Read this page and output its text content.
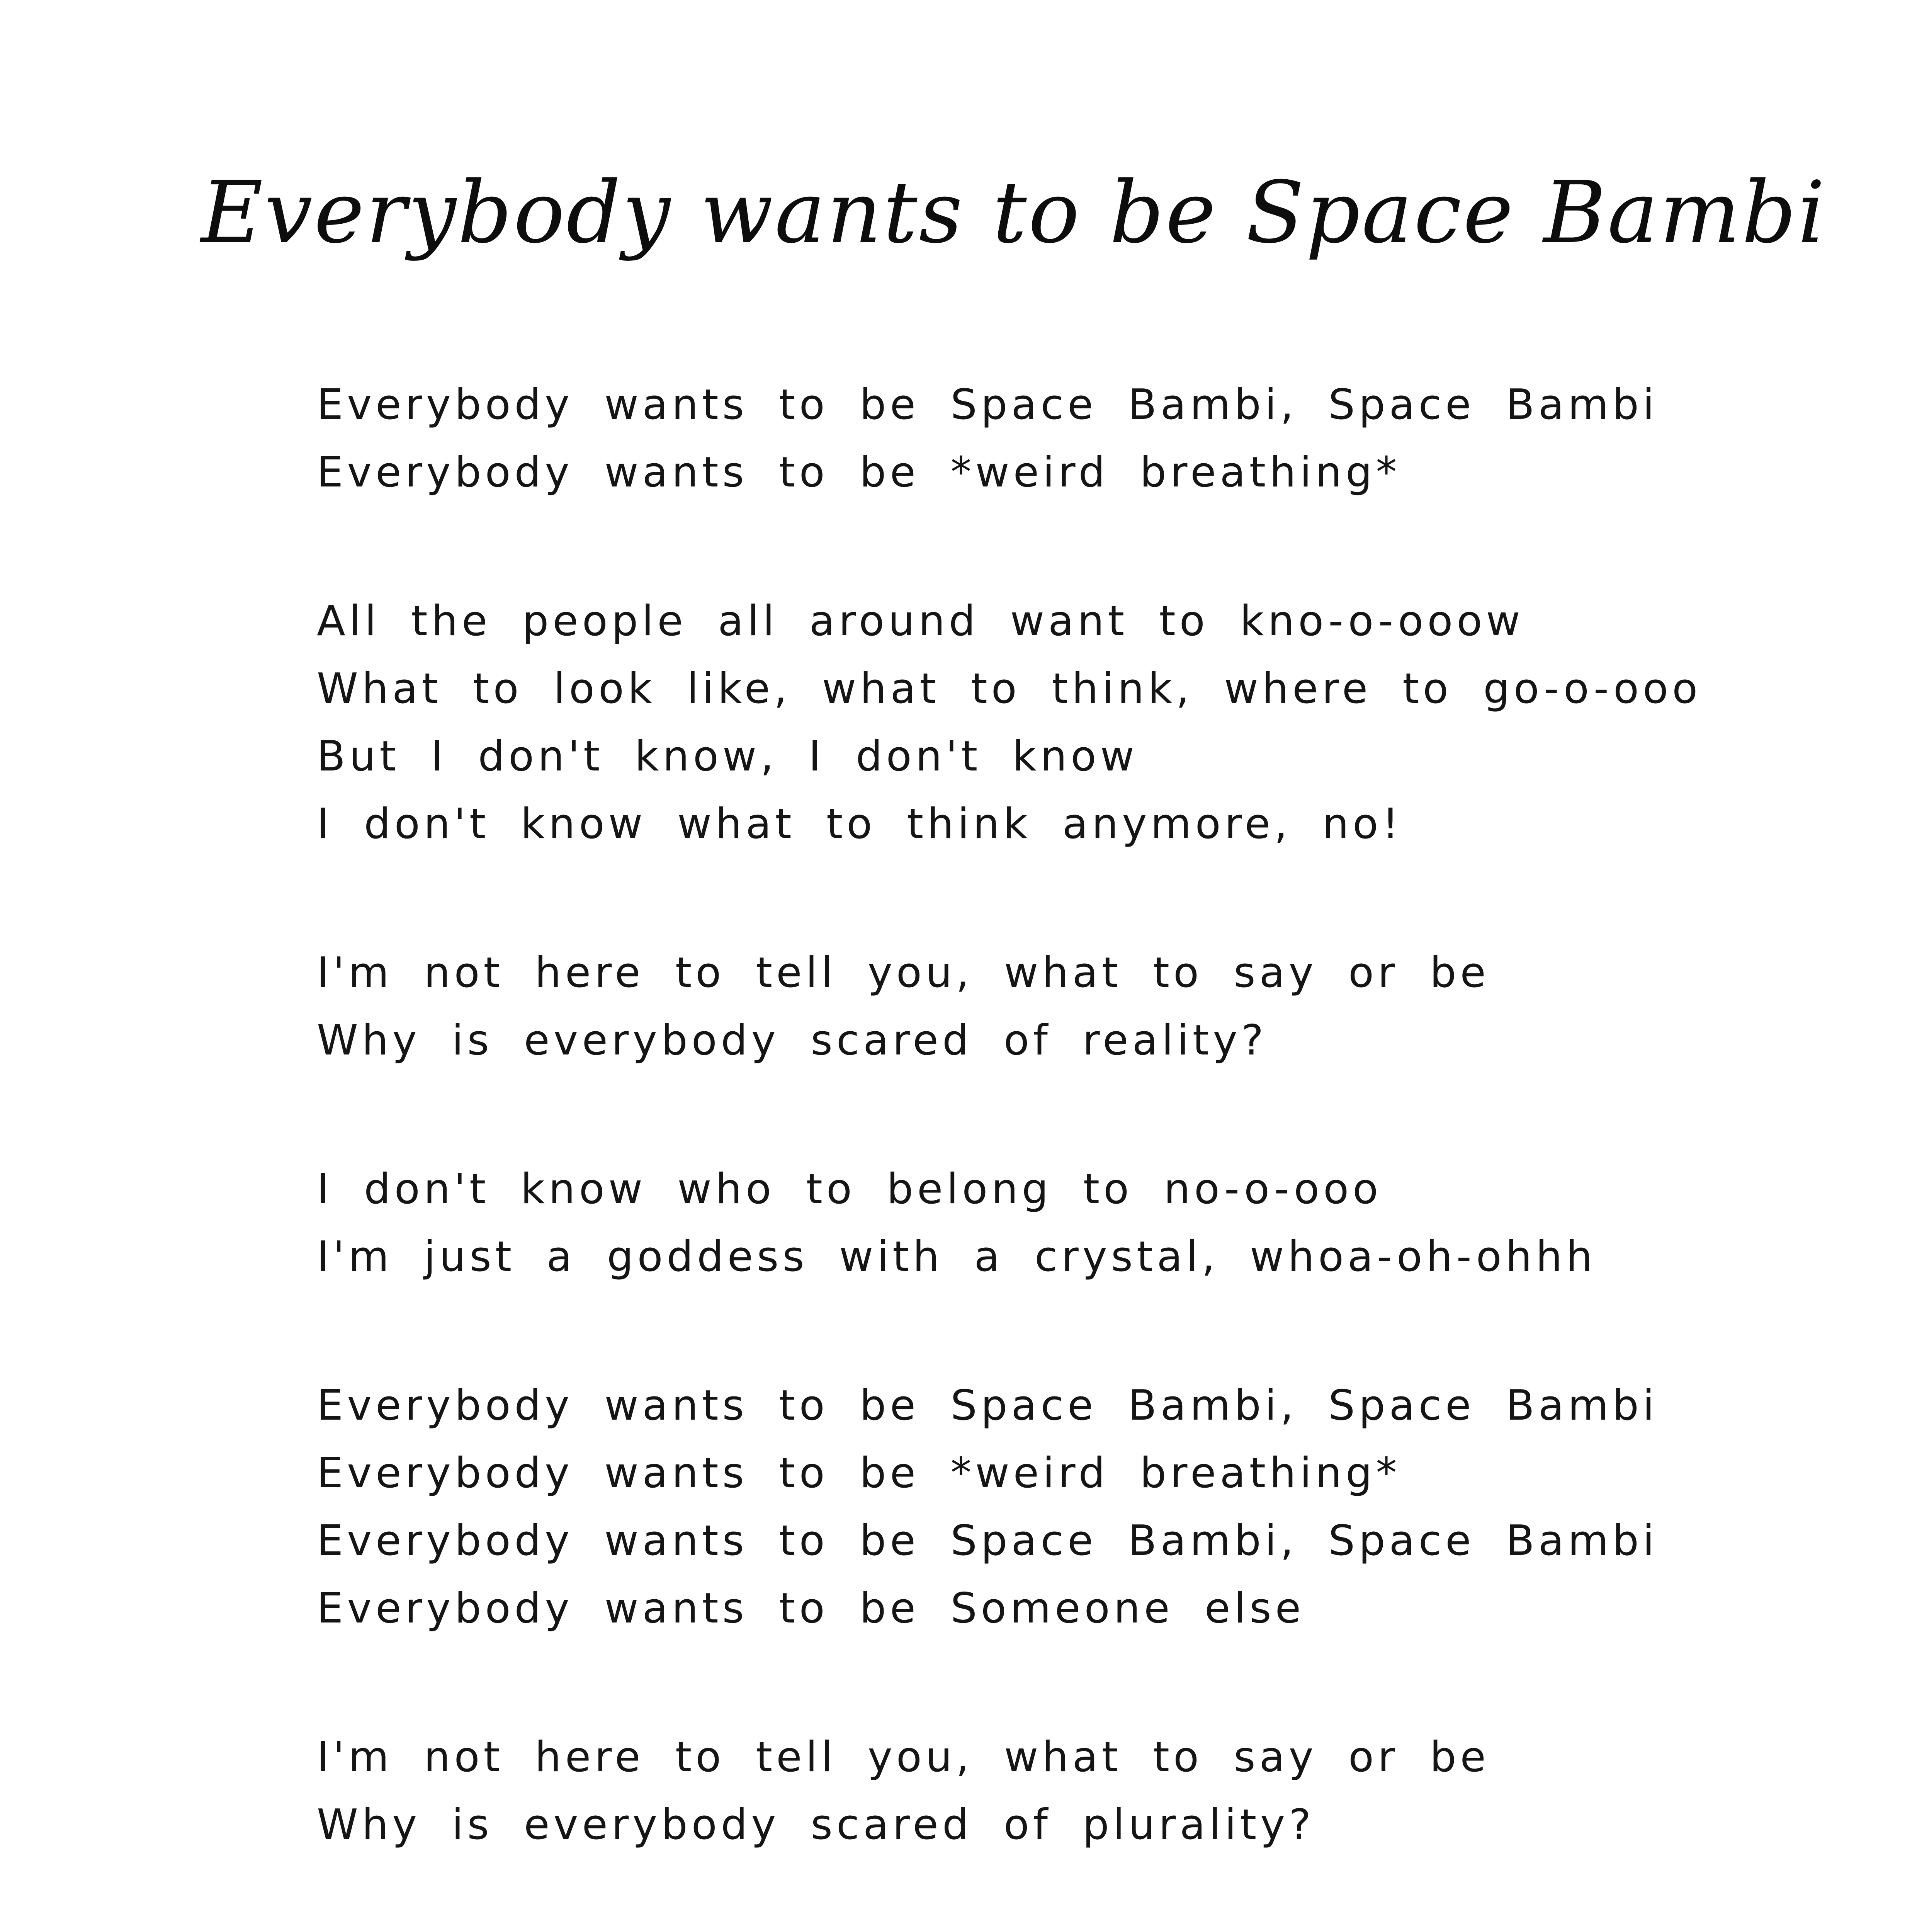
Everybody wants to be Space Bambi
Everybody wants to be Space Bambi, Space Bambi
Everybody wants to be *weird breathing*
All the people all around want to kno-o-ooow
What to look like, what to think, where to go-o-ooo
But I don't know, I don't know
I don't know what to think anymore, no!
I'm not here to tell you, what to say or be
Why is everybody scared of reality?
I don't know who to belong to no-o-ooo
I'm just a goddess with a crystal, whoa-oh-ohhh
Everybody wants to be Space Bambi, Space Bambi
Everybody wants to be *weird breathing*
Everybody wants to be Space Bambi, Space Bambi
Everybody wants to be Someone else
I'm not here to tell you, what to say or be
Why is everybody scared of plurality?
